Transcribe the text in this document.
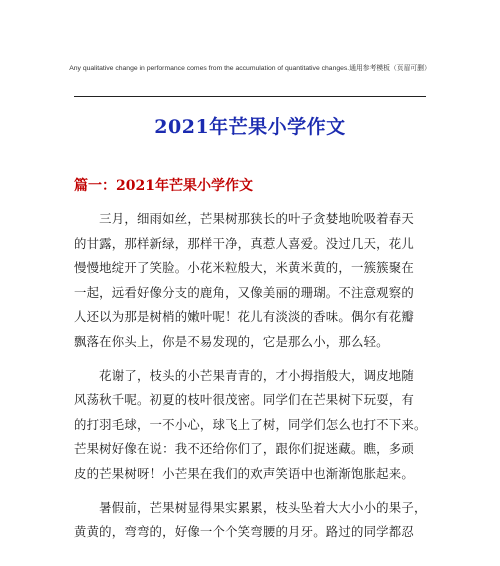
Any qualitative change in performance comes from the accumulation of quantitative changes.通用参考模板（页眉可删）
2021年芒果小学作文
篇一：2021年芒果小学作文

　　三月，细雨如丝，芒果树那狭长的叶子贪婪地吮吸着春天
的甘露，那样新绿，那样干净，真惹人喜爱。没过几天，花儿
慢慢地绽开了笑脸。小花米粒般大，米黄米黄的，一簇簇聚在
一起，远看好像分支的鹿角，又像美丽的珊瑚。不注意观察的
人还以为那是树梢的嫩叶呢！花儿有淡淡的香味。偶尔有花瓣
飘落在你头上，你是不易发现的，它是那么小，那么轻。

　　花谢了，枝头的小芒果青青的，才小拇指般大，调皮地随
风荡秋千呢。初夏的枝叶很茂密。同学们在芒果树下玩耍，有
的打羽毛球，一不小心，球飞上了树，同学们怎么也打不下来。
芒果树好像在说：我不还给你们了，跟你们捉迷藏。瞧，多顽
皮的芒果树呀！小芒果在我们的欢声笑语中也渐渐饱胀起来。

　　暑假前，芒果树显得果实累累，枝头坠着大大小小的果子，
黄黄的，弯弯的，好像一个个笑弯腰的月牙。路过的同学都忍
